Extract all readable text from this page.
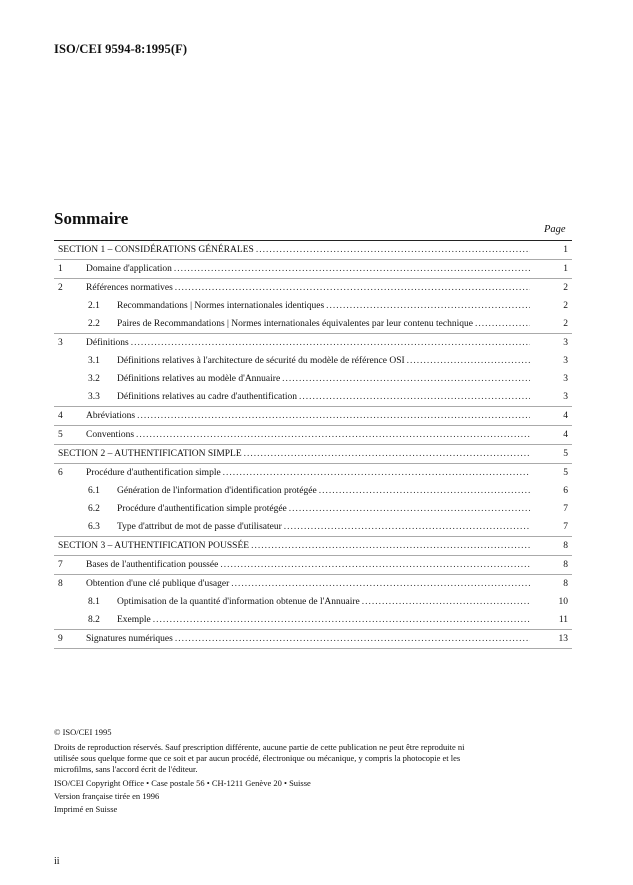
ISO/CEI 9594-8:1995(F)
Sommaire
Page
SECTION 1 – CONSIDÉRATIONS GÉNÉRALES .....	1
1 Domaine d'application .....	1
2 Références normatives .....	2
2.1 Recommandations | Normes internationales identiques .....	2
2.2 Paires de Recommandations | Normes internationales équivalentes par leur contenu technique .....	2
3 Définitions .....	3
3.1 Définitions relatives à l'architecture de sécurité du modèle de référence OSI .....	3
3.2 Définitions relatives au modèle d'Annuaire .....	3
3.3 Définitions relatives au cadre d'authentification .....	3
4 Abréviations .....	4
5 Conventions .....	4
SECTION 2 – AUTHENTIFICATION SIMPLE .....	5
6 Procédure d'authentification simple .....	5
6.1 Génération de l'information d'identification protégée .....	6
6.2 Procédure d'authentification simple protégée .....	7
6.3 Type d'attribut de mot de passe d'utilisateur .....	7
SECTION 3 – AUTHENTIFICATION POUSSÉE .....	8
7 Bases de l'authentification poussée .....	8
8 Obtention d'une clé publique d'usager .....	8
8.1 Optimisation de la quantité d'information obtenue de l'Annuaire .....	10
8.2 Exemple .....	11
9 Signatures numériques .....	13
© ISO/CEI 1995
Droits de reproduction réservés. Sauf prescription différente, aucune partie de cette publication ne peut être reproduite ni utilisée sous quelque forme que ce soit et par aucun procédé, électronique ou mécanique, y compris la photocopie et les microfilms, sans l'accord écrit de l'éditeur.
ISO/CEI Copyright Office • Case postale 56 • CH-1211 Genève 20 • Suisse
Version française tirée en 1996
Imprimé en Suisse
ii
